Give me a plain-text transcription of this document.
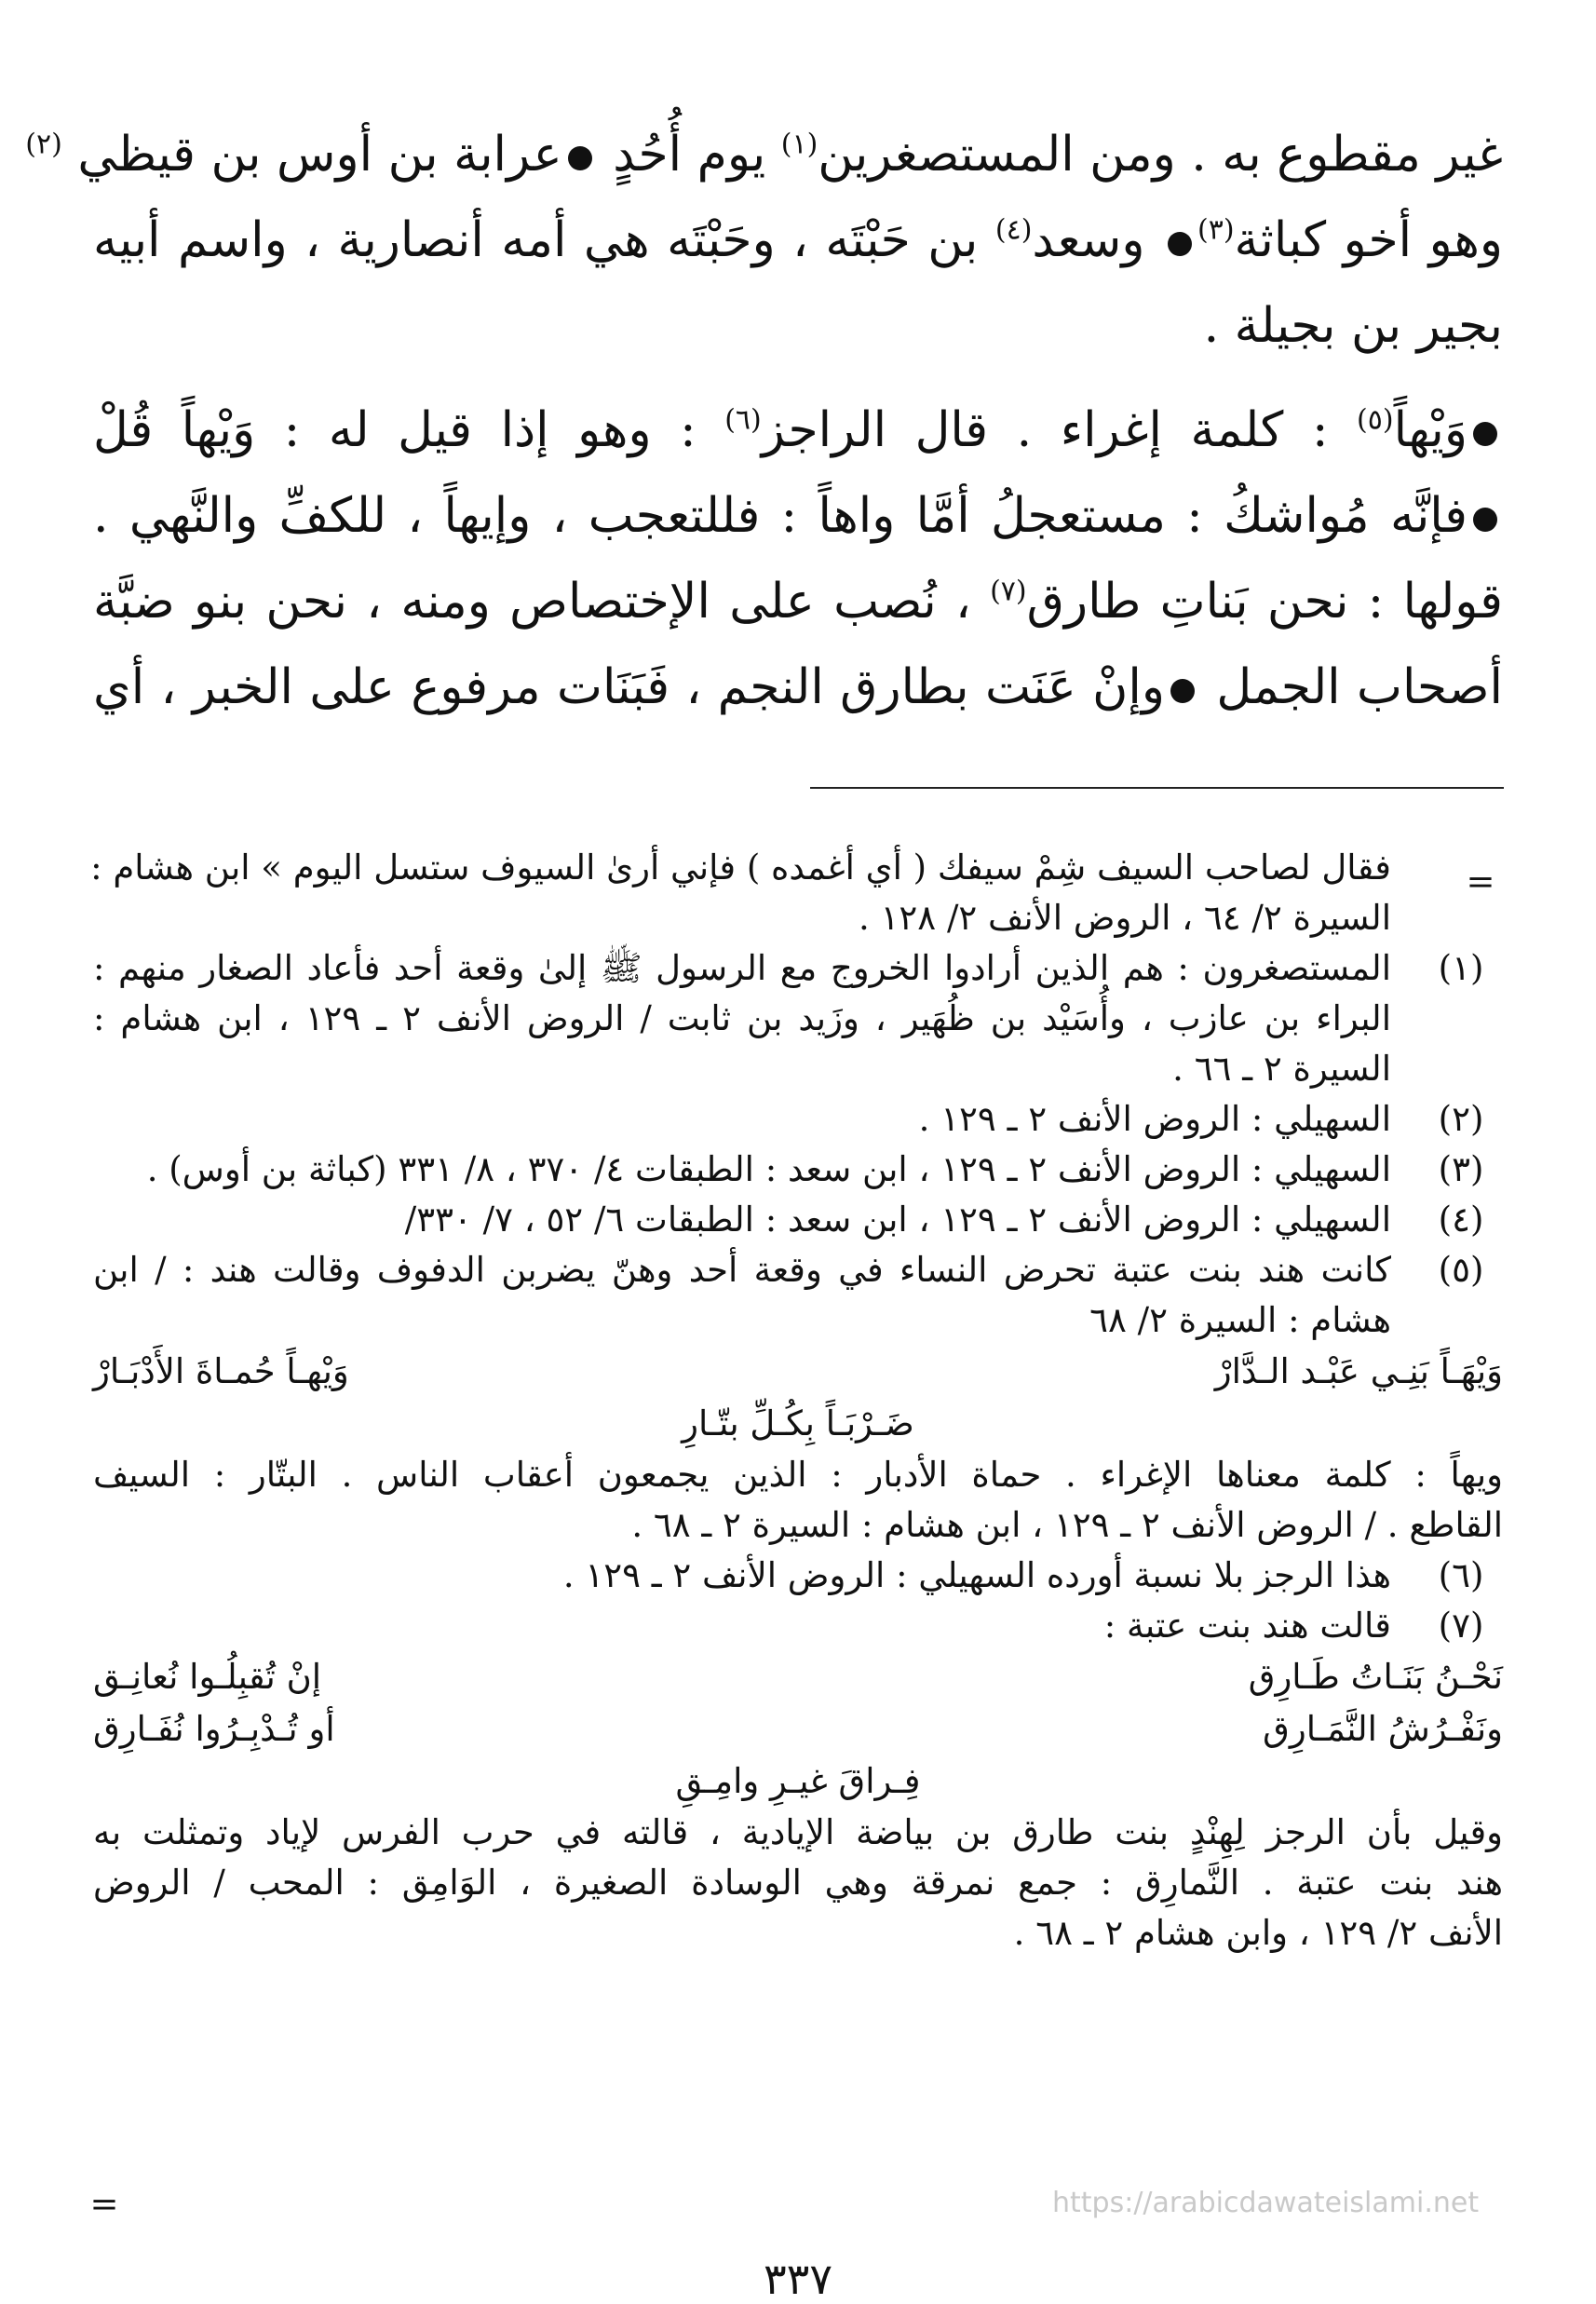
غير مقطوع به . ومن المستصغرين$^{(١)}$ يوم أُحُدٍ عرابة بن أوس بن قيظي $^{(٢)}$
وهو أخو كباثة$^{(٣)}$ وسعد$^{(٤)}$ بن حَبْتَه ، وحَبْتَه هي أمه أنصارية ، واسم أبيه
بجير بن بجيلة .
وَيْهاً$^{(٥)}$ : كلمة إغراء . قال الراجز$^{(٦)}$ : وهو إذا قيل له : وَيْهاً قُلْ
فإنَّه مُواشكُ : مستعجلُ أمَّا واهاً : فللتعجب ، وإيهاً ، للكفِّ والنَّهي .
قولها : نحن بَناتِ طارق$^{(٧)}$ ، نُصب على الإختصاص ومنه ، نحن بنو ضبَّة
أصحاب الجمل وإنْ عَنَت بطارق النجم ، فَبَنَات مرفوع على الخبر ، أي
فقال لصاحب السيف شِمْ سيفك ( أي أغمده ) فإني أرىٰ السيوف ستسل اليوم » ابن هشام :
السيرة ٢/ ٦٤ ، الروض الأنف ٢/ ١٢٨ .
(١)
المستصغرون : هم الذين أرادوا الخروج مع الرسول ﷺ إلىٰ وقعة أحد فأعاد الصغار منهم :
البراء بن عازب ، وأُسَيْد بن ظُهَير ، وزَيد بن ثابت / الروض الأنف ٢ ـ ١٢٩ ، ابن هشام :
السيرة ٢ ـ ٦٦ .
(٢)
السهيلي : الروض الأنف ٢ ـ ١٢٩ .
(٣)
السهيلي : الروض الأنف ٢ ـ ١٢٩ ، ابن سعد : الطبقات ٤/ ٣٧٠ ، ٨/ ٣٣١ (كباثة بن أوس) .
(٤)
السهيلي : الروض الأنف ٢ ـ ١٢٩ ، ابن سعد : الطبقات ٦/ ٥٢ ، ٧/ ٣٣٠/
(٥)
كانت هند بنت عتبة تحرض النساء في وقعة أحد وهنّ يضربن الدفوف وقالت هند : / ابن
هشام : السيرة ٢/ ٦٨
وَيْهَـاً بَنِـي عَبْـد الـدَّارْ
وَيْهـاً حُمـاةَ الأَدْبَـارْ
ضَـرْبَـاً بِكُـلِّ بتّـارِ
ويهاً : كلمة معناها الإغراء . حماة الأدبار : الذين يجمعون أعقاب الناس . البتّار : السيف
القاطع . / الروض الأنف ٢ ـ ١٢٩ ، ابن هشام : السيرة ٢ ـ ٦٨ .
(٦)
هذا الرجز بلا نسبة أورده السهيلي : الروض الأنف ٢ ـ ١٢٩ .
(٧)
قالت هند بنت عتبة :
نَحْـنُ بَنَـاتُ طَـارِق
إنْ تُقبِلُـوا نُعانِـق
ونَفْـرُشُ النَّمَـارِق
أو تُـدْبِـرُوا نُفَـارِق
فِـراقَ غيـرِ وامِـقِ
وقيل بأن الرجز لِهِنْدٍ بنت طارق بن بياضة الإيادية ، قالته في حرب الفرس لإياد وتمثلت به
هند بنت عتبة . النَّمارِق : جمع نمرقة وهي الوسادة الصغيرة ، الوَامِق : المحب / الروض
الأنف ٢/ ١٢٩ ، وابن هشام ٢ ـ ٦٨ .
=
=	https://arabicdawateislami.net
٣٣٧
